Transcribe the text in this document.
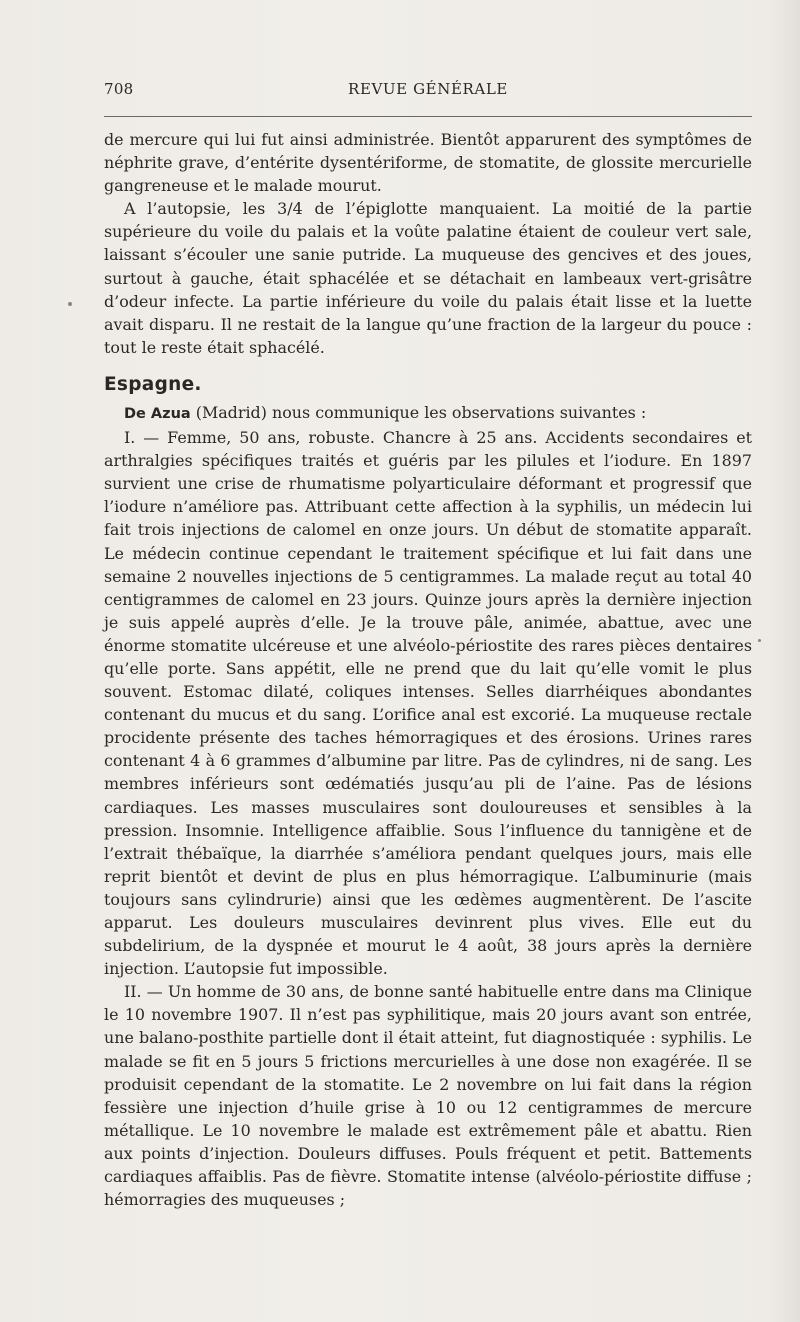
708	REVUE GÉNÉRALE

de mercure qui lui fut ainsi administrée. Bientôt apparurent des symptômes de néphrite grave, d’entérite dysentériforme, de stomatite, de glossite mercurielle gangreneuse et le malade mourut.

A l’autopsie, les 3/4 de l’épiglotte manquaient. La moitié de la partie supérieure du voile du palais et la voûte palatine étaient de couleur vert sale, laissant s’écouler une sanie putride. La muqueuse des gencives et des joues, surtout à gauche, était sphacélée et se détachait en lambeaux vert-grisâtre d’odeur infecte. La partie inférieure du voile du palais était lisse et la luette avait disparu. Il ne restait de la langue qu’une fraction de la largeur du pouce : tout le reste était sphacélé.

Espagne.

De Azua (Madrid) nous communique les observations suivantes :

I. — Femme, 50 ans, robuste. Chancre à 25 ans. Accidents secondaires et arthralgies spécifiques traités et guéris par les pilules et l’iodure. En 1897 survient une crise de rhumatisme polyarticulaire déformant et progressif que l’iodure n’améliore pas. Attribuant cette affection à la syphilis, un médecin lui fait trois injections de calomel en onze jours. Un début de stomatite apparaît. Le médecin continue cependant le traitement spécifique et lui fait dans une semaine 2 nouvelles injections de 5 centigrammes. La malade reçut au total 40 centigrammes de calomel en 23 jours. Quinze jours après la dernière injection je suis appelé auprès d’elle. Je la trouve pâle, animée, abattue, avec une énorme stomatite ulcéreuse et une alvéolo-périostite des rares pièces dentaires qu’elle porte. Sans appétit, elle ne prend que du lait qu’elle vomit le plus souvent. Estomac dilaté, coliques intenses. Selles diarrhéiques abondantes contenant du mucus et du sang. L’orifice anal est excorié. La muqueuse rectale procidente présente des taches hémorragiques et des érosions. Urines rares contenant 4 à 6 grammes d’albumine par litre. Pas de cylindres, ni de sang. Les membres inférieurs sont œdématiés jusqu’au pli de l’aine. Pas de lésions cardiaques. Les masses musculaires sont douloureuses et sensibles à la pression. Insomnie. Intelligence affaiblie. Sous l’influence du tannigène et de l’extrait thébaïque, la diarrhée s’améliora pendant quelques jours, mais elle reprit bientôt et devint de plus en plus hémorragique. L’albuminurie (mais toujours sans cylindrurie) ainsi que les œdèmes augmentèrent. De l’ascite apparut. Les douleurs musculaires devinrent plus vives. Elle eut du subdelirium, de la dyspnée et mourut le 4 août, 38 jours après la dernière injection. L’autopsie fut impossible.

II. — Un homme de 30 ans, de bonne santé habituelle entre dans ma Clinique le 10 novembre 1907. Il n’est pas syphilitique, mais 20 jours avant son entrée, une balano-posthite partielle dont il était atteint, fut diagnostiquée : syphilis. Le malade se fit en 5 jours 5 frictions mercurielles à une dose non exagérée. Il se produisit cependant de la stomatite. Le 2 novembre on lui fait dans la région fessière une injection d’huile grise à 10 ou 12 centigrammes de mercure métallique. Le 10 novembre le malade est extrêmement pâle et abattu. Rien aux points d’injection. Douleurs diffuses. Pouls fréquent et petit. Battements cardiaques affaiblis. Pas de fièvre. Stomatite intense (alvéolo-périostite diffuse ; hémorragies des muqueuses ;
